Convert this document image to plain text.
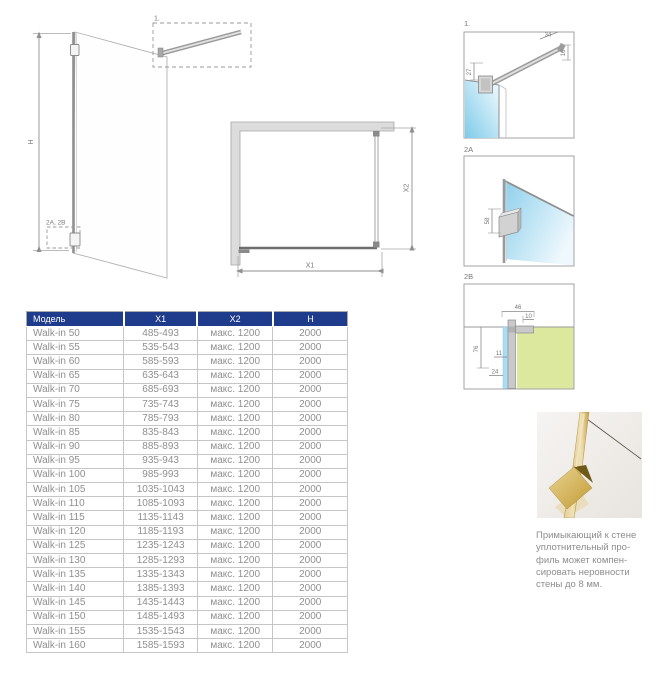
1.
2A, 2B
H
X1
X2
1.
27
34
16
2A
58
2B
46
10
76
11
24
Примыкающий к стене
уплотнительный про-
филь может компен-
сировать неровности
стены до 8 мм.
Модель	X1	X2	H
Walk-in 50	485-493	макс. 1200	2000
Walk-in 55	535-543	макс. 1200	2000
Walk-in 60	585-593	макс. 1200	2000
Walk-in 65	635-643	макс. 1200	2000
Walk-in 70	685-693	макс. 1200	2000
Walk-in 75	735-743	макс. 1200	2000
Walk-in 80	785-793	макс. 1200	2000
Walk-in 85	835-843	макс. 1200	2000
Walk-in 90	885-893	макс. 1200	2000
Walk-in 95	935-943	макс. 1200	2000
Walk-in 100	985-993	макс. 1200	2000
Walk-in 105	1035-1043	макс. 1200	2000
Walk-in 110	1085-1093	макс. 1200	2000
Walk-in 115	1135-1143	макс. 1200	2000
Walk-in 120	1185-1193	макс. 1200	2000
Walk-in 125	1235-1243	макс. 1200	2000
Walk-in 130	1285-1293	макс. 1200	2000
Walk-in 135	1335-1343	макс. 1200	2000
Walk-in 140	1385-1393	макс. 1200	2000
Walk-in 145	1435-1443	макс. 1200	2000
Walk-in 150	1485-1493	макс. 1200	2000
Walk-in 155	1535-1543	макс. 1200	2000
Walk-in 160	1585-1593	макс. 1200	2000
